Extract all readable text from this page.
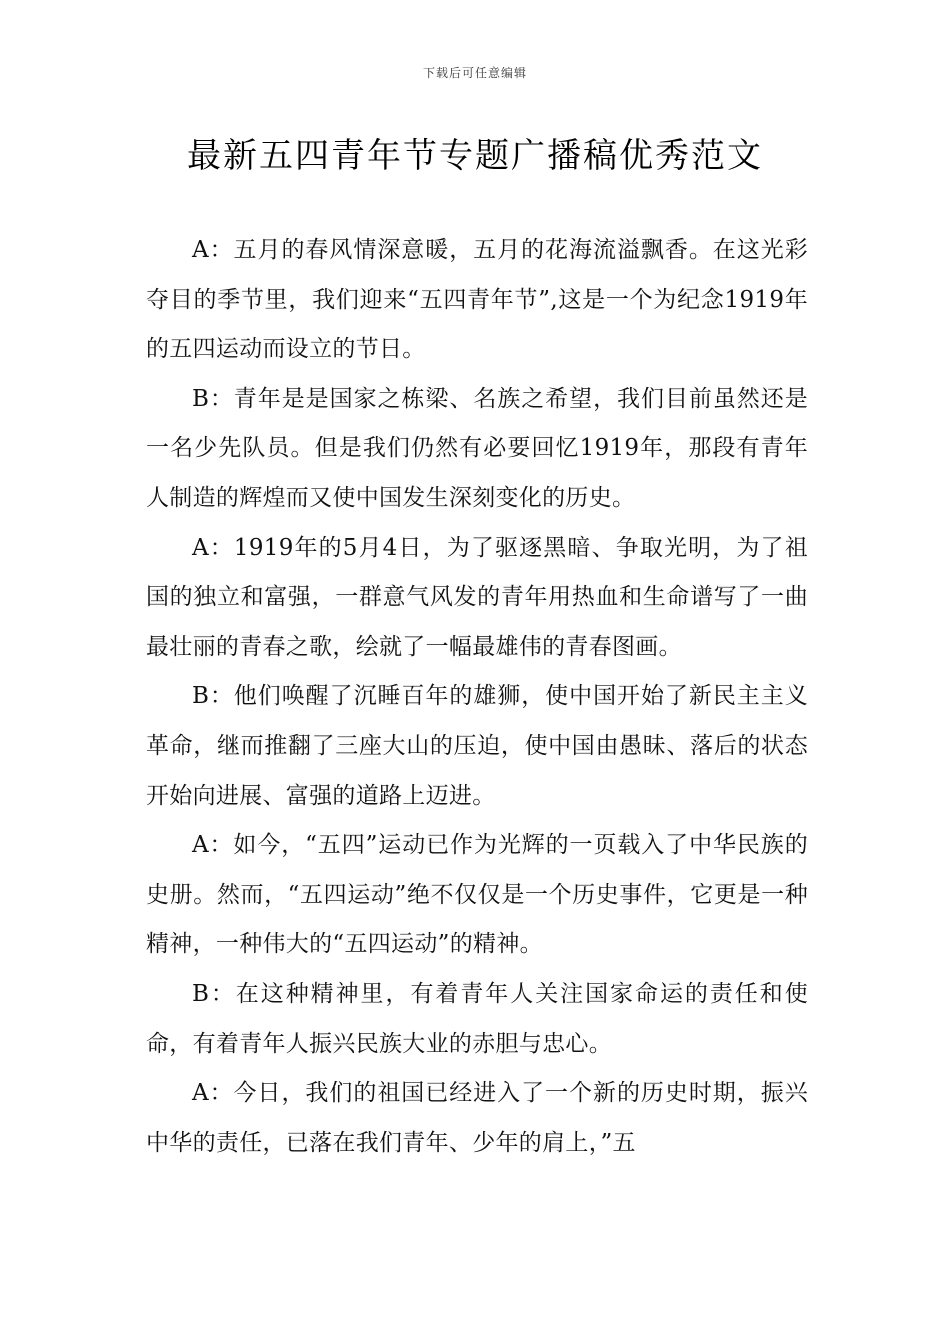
下载后可任意编辑
最新五四青年节专题广播稿优秀范文

A：五月的春风情深意暖，五月的花海流溢飘香。在这光彩夺目的季节里，我们迎来“五四青年节”,这是一个为纪念1919年的五四运动而设立的节日。

B：青年是是国家之栋梁、名族之希望，我们目前虽然还是一名少先队员。但是我们仍然有必要回忆1919年，那段有青年人制造的辉煌而又使中国发生深刻变化的历史。

A：1919年的5月4日，为了驱逐黑暗、争取光明，为了祖国的独立和富强，一群意气风发的青年用热血和生命谱写了一曲最壮丽的青春之歌，绘就了一幅最雄伟的青春图画。

B：他们唤醒了沉睡百年的雄狮，使中国开始了新民主主义革命，继而推翻了三座大山的压迫，使中国由愚昧、落后的状态开始向进展、富强的道路上迈进。

A：如今，“五四”运动已作为光辉的一页载入了中华民族的史册。然而，“五四运动”绝不仅仅是一个历史事件，它更是一种精神，一种伟大的“五四运动”的精神。

B：在这种精神里，有着青年人关注国家命运的责任和使命，有着青年人振兴民族大业的赤胆与忠心。

A：今日，我们的祖国已经进入了一个新的历史时期，振兴中华的责任，已落在我们青年、少年的肩上，”五
